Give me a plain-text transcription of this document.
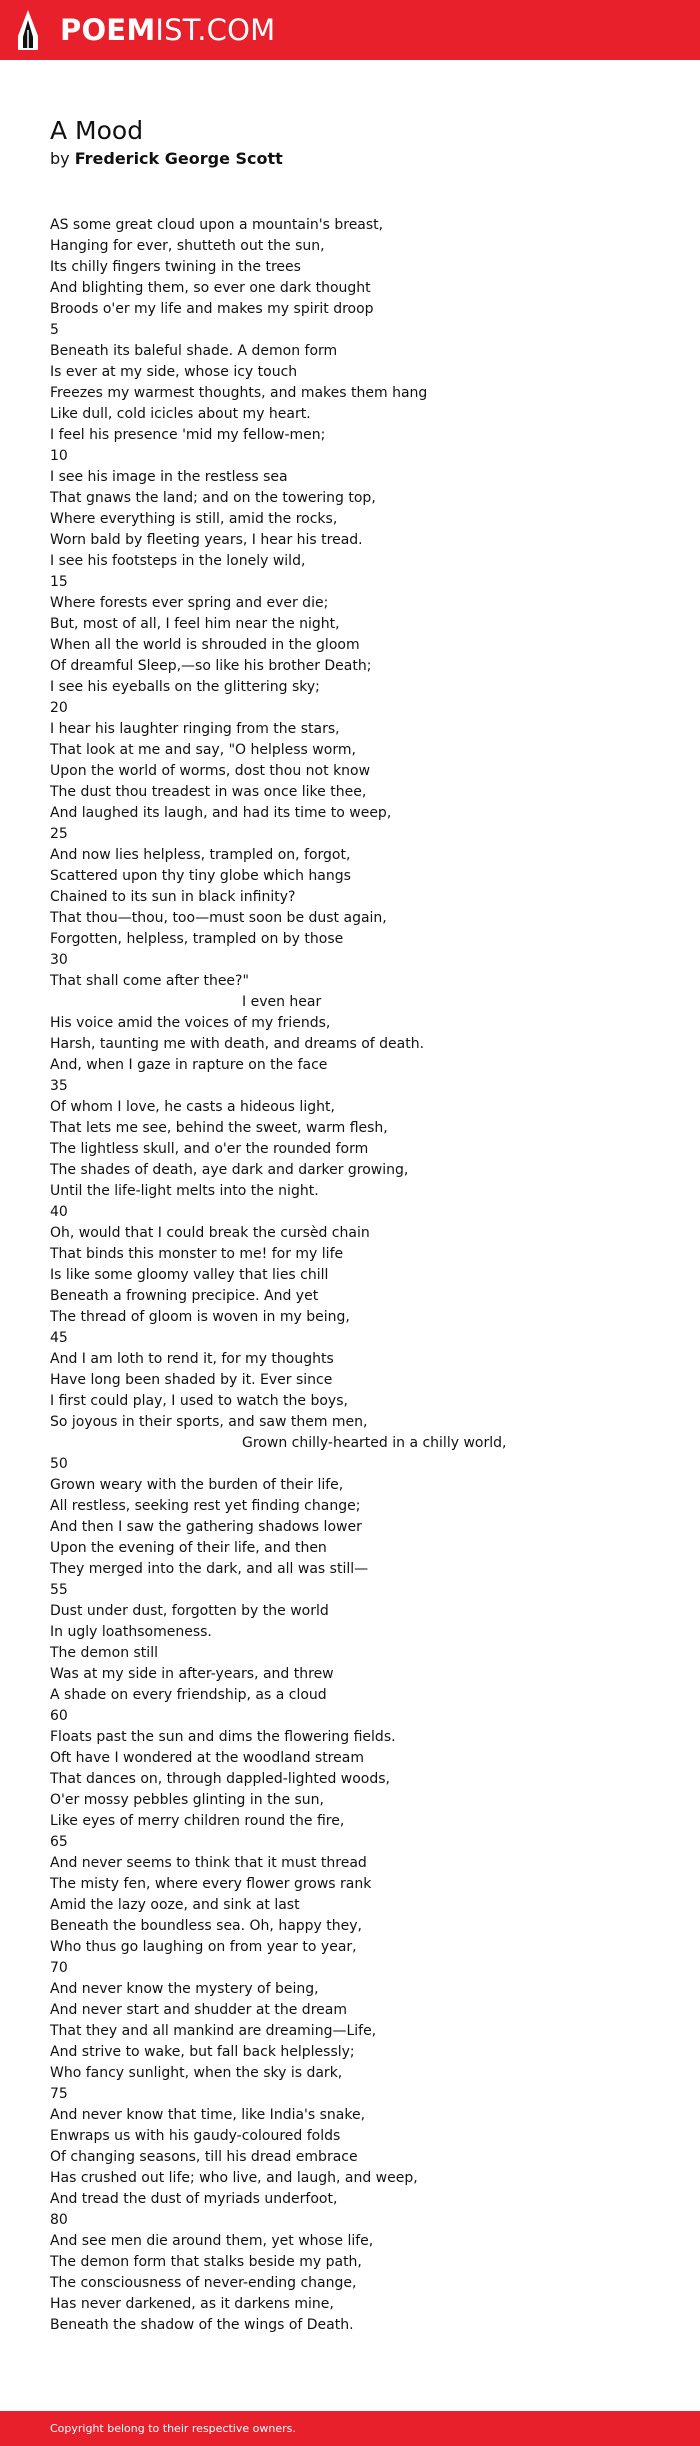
POEMIST.COM
A Mood
by Frederick George Scott
AS some great cloud upon a mountain's breast,
Hanging for ever, shutteth out the sun,
Its chilly fingers twining in the trees
And blighting them, so ever one dark thought
Broods o'er my life and makes my spirit droop
5
Beneath its baleful shade. A demon form
Is ever at my side, whose icy touch
Freezes my warmest thoughts, and makes them hang
Like dull, cold icicles about my heart.
I feel his presence 'mid my fellow-men;
10
I see his image in the restless sea
That gnaws the land; and on the towering top,
Where everything is still, amid the rocks,
Worn bald by fleeting years, I hear his tread.
I see his footsteps in the lonely wild,
15
Where forests ever spring and ever die;
But, most of all, I feel him near the night,
When all the world is shrouded in the gloom
Of dreamful Sleep,—so like his brother Death;
I see his eyeballs on the glittering sky;
20
I hear his laughter ringing from the stars,
That look at me and say, "O helpless worm,
Upon the world of worms, dost thou not know
The dust thou treadest in was once like thee,
And laughed its laugh, and had its time to weep,
25
And now lies helpless, trampled on, forgot,
Scattered upon thy tiny globe which hangs
Chained to its sun in black infinity?
That thou—thou, too—must soon be dust again,
Forgotten, helpless, trampled on by those
30
That shall come after thee?"
I even hear
His voice amid the voices of my friends,
Harsh, taunting me with death, and dreams of death.
And, when I gaze in rapture on the face
35
Of whom I love, he casts a hideous light,
That lets me see, behind the sweet, warm flesh,
The lightless skull, and o'er the rounded form
The shades of death, aye dark and darker growing,
Until the life-light melts into the night.
40
Oh, would that I could break the cursèd chain
That binds this monster to me! for my life
Is like some gloomy valley that lies chill
Beneath a frowning precipice. And yet
The thread of gloom is woven in my being,
45
And I am loth to rend it, for my thoughts
Have long been shaded by it. Ever since
I first could play, I used to watch the boys,
So joyous in their sports, and saw them men,
Grown chilly-hearted in a chilly world,
50
Grown weary with the burden of their life,
All restless, seeking rest yet finding change;
And then I saw the gathering shadows lower
Upon the evening of their life, and then
They merged into the dark, and all was still—
55
Dust under dust, forgotten by the world
In ugly loathsomeness.
The demon still
Was at my side in after-years, and threw
A shade on every friendship, as a cloud
60
Floats past the sun and dims the flowering fields.
Oft have I wondered at the woodland stream
That dances on, through dappled-lighted woods,
O'er mossy pebbles glinting in the sun,
Like eyes of merry children round the fire,
65
And never seems to think that it must thread
The misty fen, where every flower grows rank
Amid the lazy ooze, and sink at last
Beneath the boundless sea. Oh, happy they,
Who thus go laughing on from year to year,
70
And never know the mystery of being,
And never start and shudder at the dream
That they and all mankind are dreaming—Life,
And strive to wake, but fall back helplessly;
Who fancy sunlight, when the sky is dark,
75
And never know that time, like India's snake,
Enwraps us with his gaudy-coloured folds
Of changing seasons, till his dread embrace
Has crushed out life; who live, and laugh, and weep,
And tread the dust of myriads underfoot,
80
And see men die around them, yet whose life,
The demon form that stalks beside my path,
The consciousness of never-ending change,
Has never darkened, as it darkens mine,
Beneath the shadow of the wings of Death.
Copyright belong to their respective owners.
